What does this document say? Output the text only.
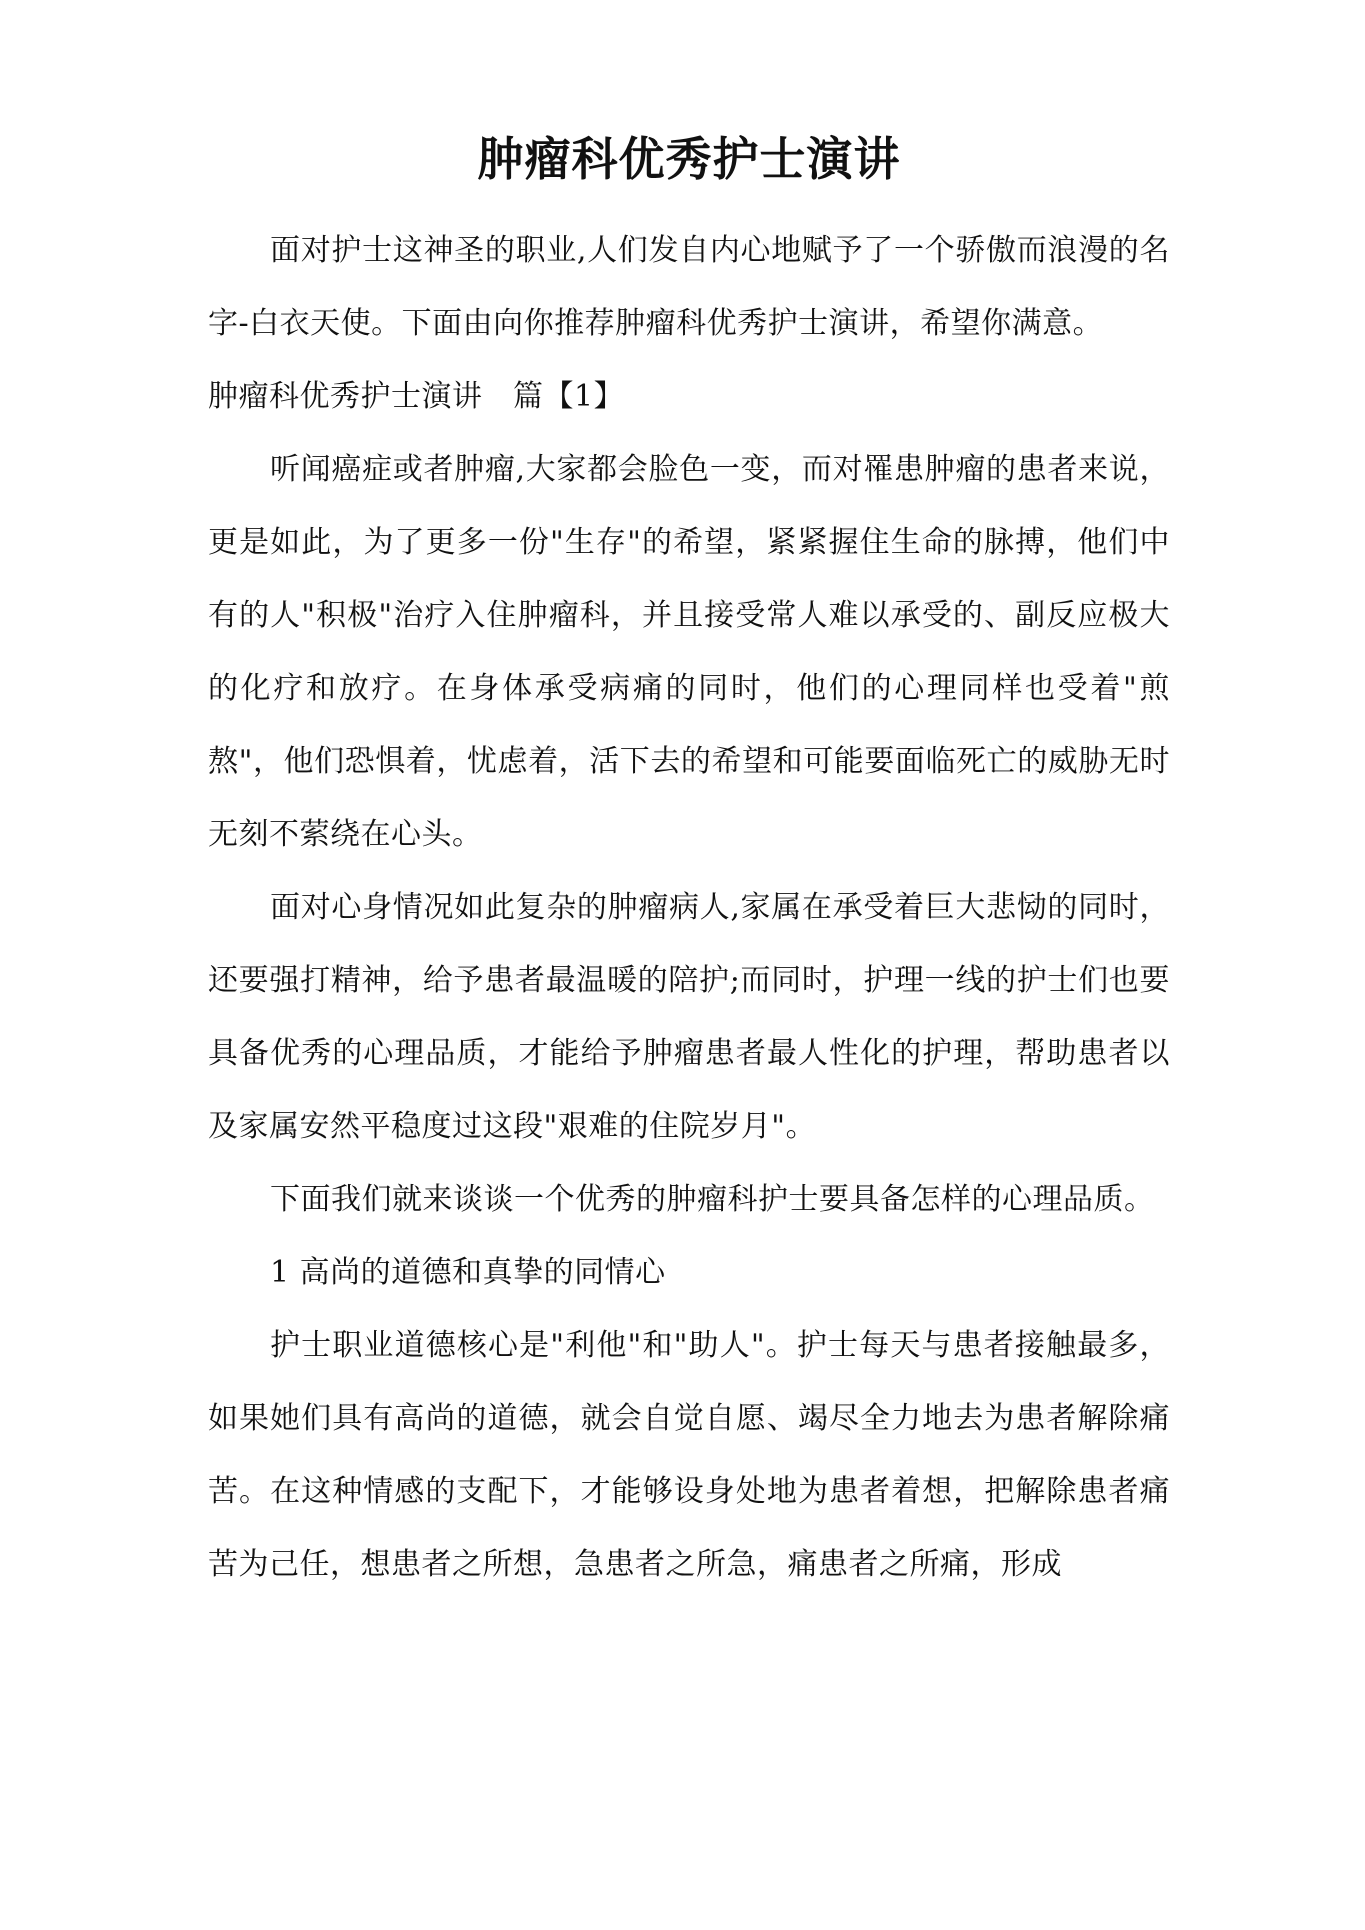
肿瘤科优秀护士演讲

面对护士这神圣的职业,人们发自内心地赋予了一个骄傲而浪漫的名字-白衣天使。下面由向你推荐肿瘤科优秀护士演讲，希望你满意。

肿瘤科优秀护士演讲　篇【1】

听闻癌症或者肿瘤,大家都会脸色一变，而对罹患肿瘤的患者来说，更是如此，为了更多一份"生存"的希望，紧紧握住生命的脉搏，他们中有的人"积极"治疗入住肿瘤科，并且接受常人难以承受的、副反应极大的化疗和放疗。在身体承受病痛的同时，他们的心理同样也受着"煎熬"，他们恐惧着，忧虑着，活下去的希望和可能要面临死亡的威胁无时无刻不萦绕在心头。

面对心身情况如此复杂的肿瘤病人,家属在承受着巨大悲恸的同时，还要强打精神，给予患者最温暖的陪护;而同时，护理一线的护士们也要具备优秀的心理品质，才能给予肿瘤患者最人性化的护理，帮助患者以及家属安然平稳度过这段"艰难的住院岁月"。

下面我们就来谈谈一个优秀的肿瘤科护士要具备怎样的心理品质。

1 高尚的道德和真挚的同情心

护士职业道德核心是"利他"和"助人"。护士每天与患者接触最多，如果她们具有高尚的道德，就会自觉自愿、竭尽全力地去为患者解除痛苦。在这种情感的支配下，才能够设身处地为患者着想，把解除患者痛苦为己任，想患者之所想，急患者之所急，痛患者之所痛，形成
